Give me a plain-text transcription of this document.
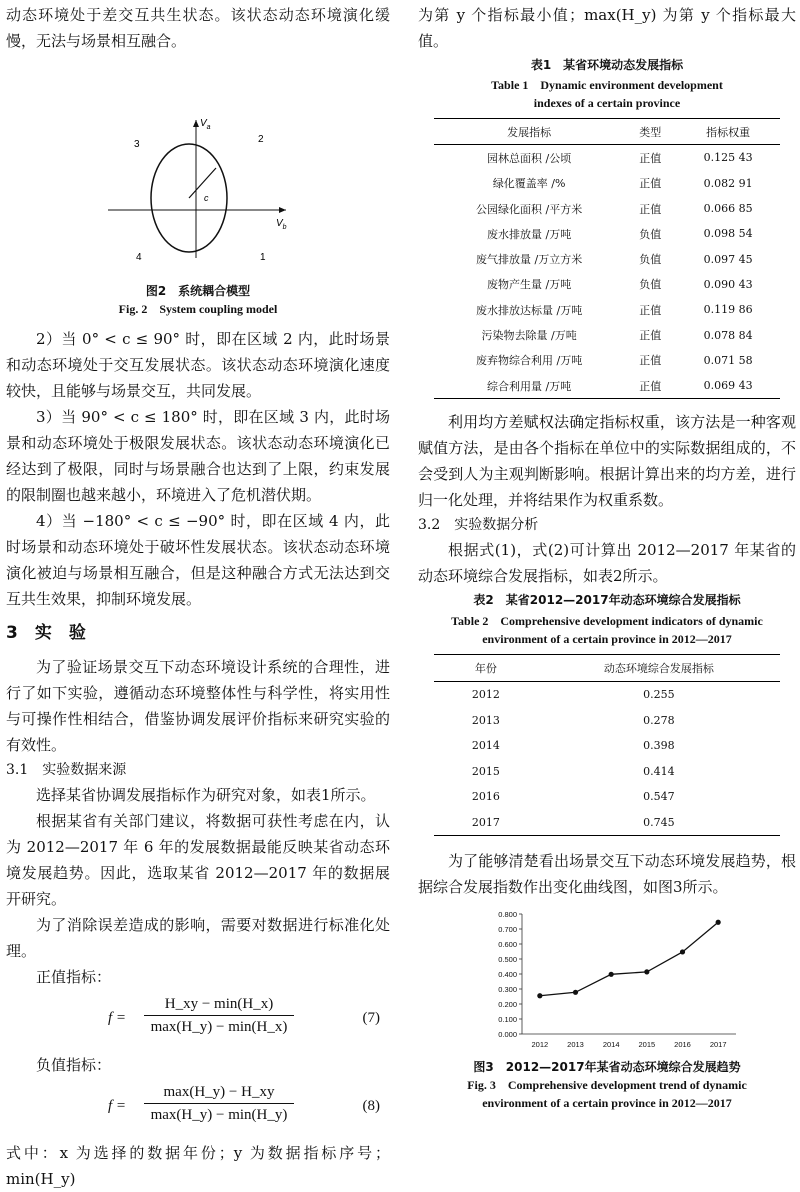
动态环境处于差交互共生状态。该状态动态环境演化缓慢，无法与场景相互融合。

$V_a$
$V_b$
c
3	2
4	1
图2　系统耦合模型
Fig. 2　System coupling model

2）当 0° < c ≤ 90° 时，即在区域 2 内，此时场景和动态环境处于交互发展状态。该状态动态环境演化速度较快，且能够与场景交互，共同发展。

3）当 90° < c ≤ 180° 时，即在区域 3 内，此时场景和动态环境处于极限发展状态。该状态动态环境演化已经达到了极限，同时与场景融合也达到了上限，约束发展的限制圈也越来越小，环境进入了危机潜伏期。

4）当 −180° < c ≤ −90° 时，即在区域 4 内，此时场景和动态环境处于破坏性发展状态。该状态动态环境演化被迫与场景相互融合，但是这种融合方式无法达到交互共生效果，抑制环境发展。

3　实　验

为了验证场景交互下动态环境设计系统的合理性，进行了如下实验，遵循动态环境整体性与科学性，将实用性与可操作性相结合，借鉴协调发展评价指标来研究实验的有效性。

3.1　实验数据来源

选择某省协调发展指标作为研究对象，如表1所示。

根据某省有关部门建议，将数据可获性考虑在内，认为 2012—2017 年 6 年的发展数据最能反映某省动态环境发展趋势。因此，选取某省 2012—2017 年的数据展开研究。

为了消除误差造成的影响，需要对数据进行标准化处理。

正值指标：

f =
H_xy − min(H_x)
max(H_y) − min(H_x)
(7)

负值指标：

f =
max(H_y) − H_xy
max(H_y) − min(H_y)
(8)

式中：x 为选择的数据年份；y 为数据指标序号；min(H_y)

为第 y 个指标最小值；max(H_y) 为第 y 个指标最大值。

表1　某省环境动态发展指标
Table 1　Dynamic environment development
indexes of a certain province
发展指标	类型	指标权重
园林总面积 /公顷	正值	0.125 43
绿化覆盖率 /%	正值	0.082 91
公园绿化面积 /平方米	正值	0.066 85
废水排放量 /万吨	负值	0.098 54
废气排放量 /万立方米	负值	0.097 45
废物产生量 /万吨	负值	0.090 43
废水排放达标量 /万吨	正值	0.119 86
污染物去除量 /万吨	正值	0.078 84
废弃物综合利用 /万吨	正值	0.071 58
综合利用量 /万吨	正值	0.069 43

利用均方差赋权法确定指标权重，该方法是一种客观赋值方法，是由各个指标在单位中的实际数据组成的，不会受到人为主观判断影响。根据计算出来的均方差，进行归一化处理，并将结果作为权重系数。

3.2　实验数据分析

根据式(1)，式(2)可计算出 2012—2017 年某省的动态环境综合发展指标，如表2所示。

表2　某省2012—2017年动态环境综合发展指标
Table 2　Comprehensive development indicators of dynamic
environment of a certain province in 2012—2017
年份	动态环境综合发展指标
2012	0.255
2013	0.278
2014	0.398
2015	0.414
2016	0.547
2017	0.745

为了能够清楚看出场景交互下动态环境发展趋势，根据综合发展指数作出变化曲线图，如图3所示。

0.000
0.100
0.200
0.300
0.400
0.500
0.600
0.700
0.800
2012	2013	2014	2015	2016	2017
图3　2012—2017年某省动态环境综合发展趋势
Fig. 3　Comprehensive development trend of dynamic
environment of a certain province in 2012—2017
